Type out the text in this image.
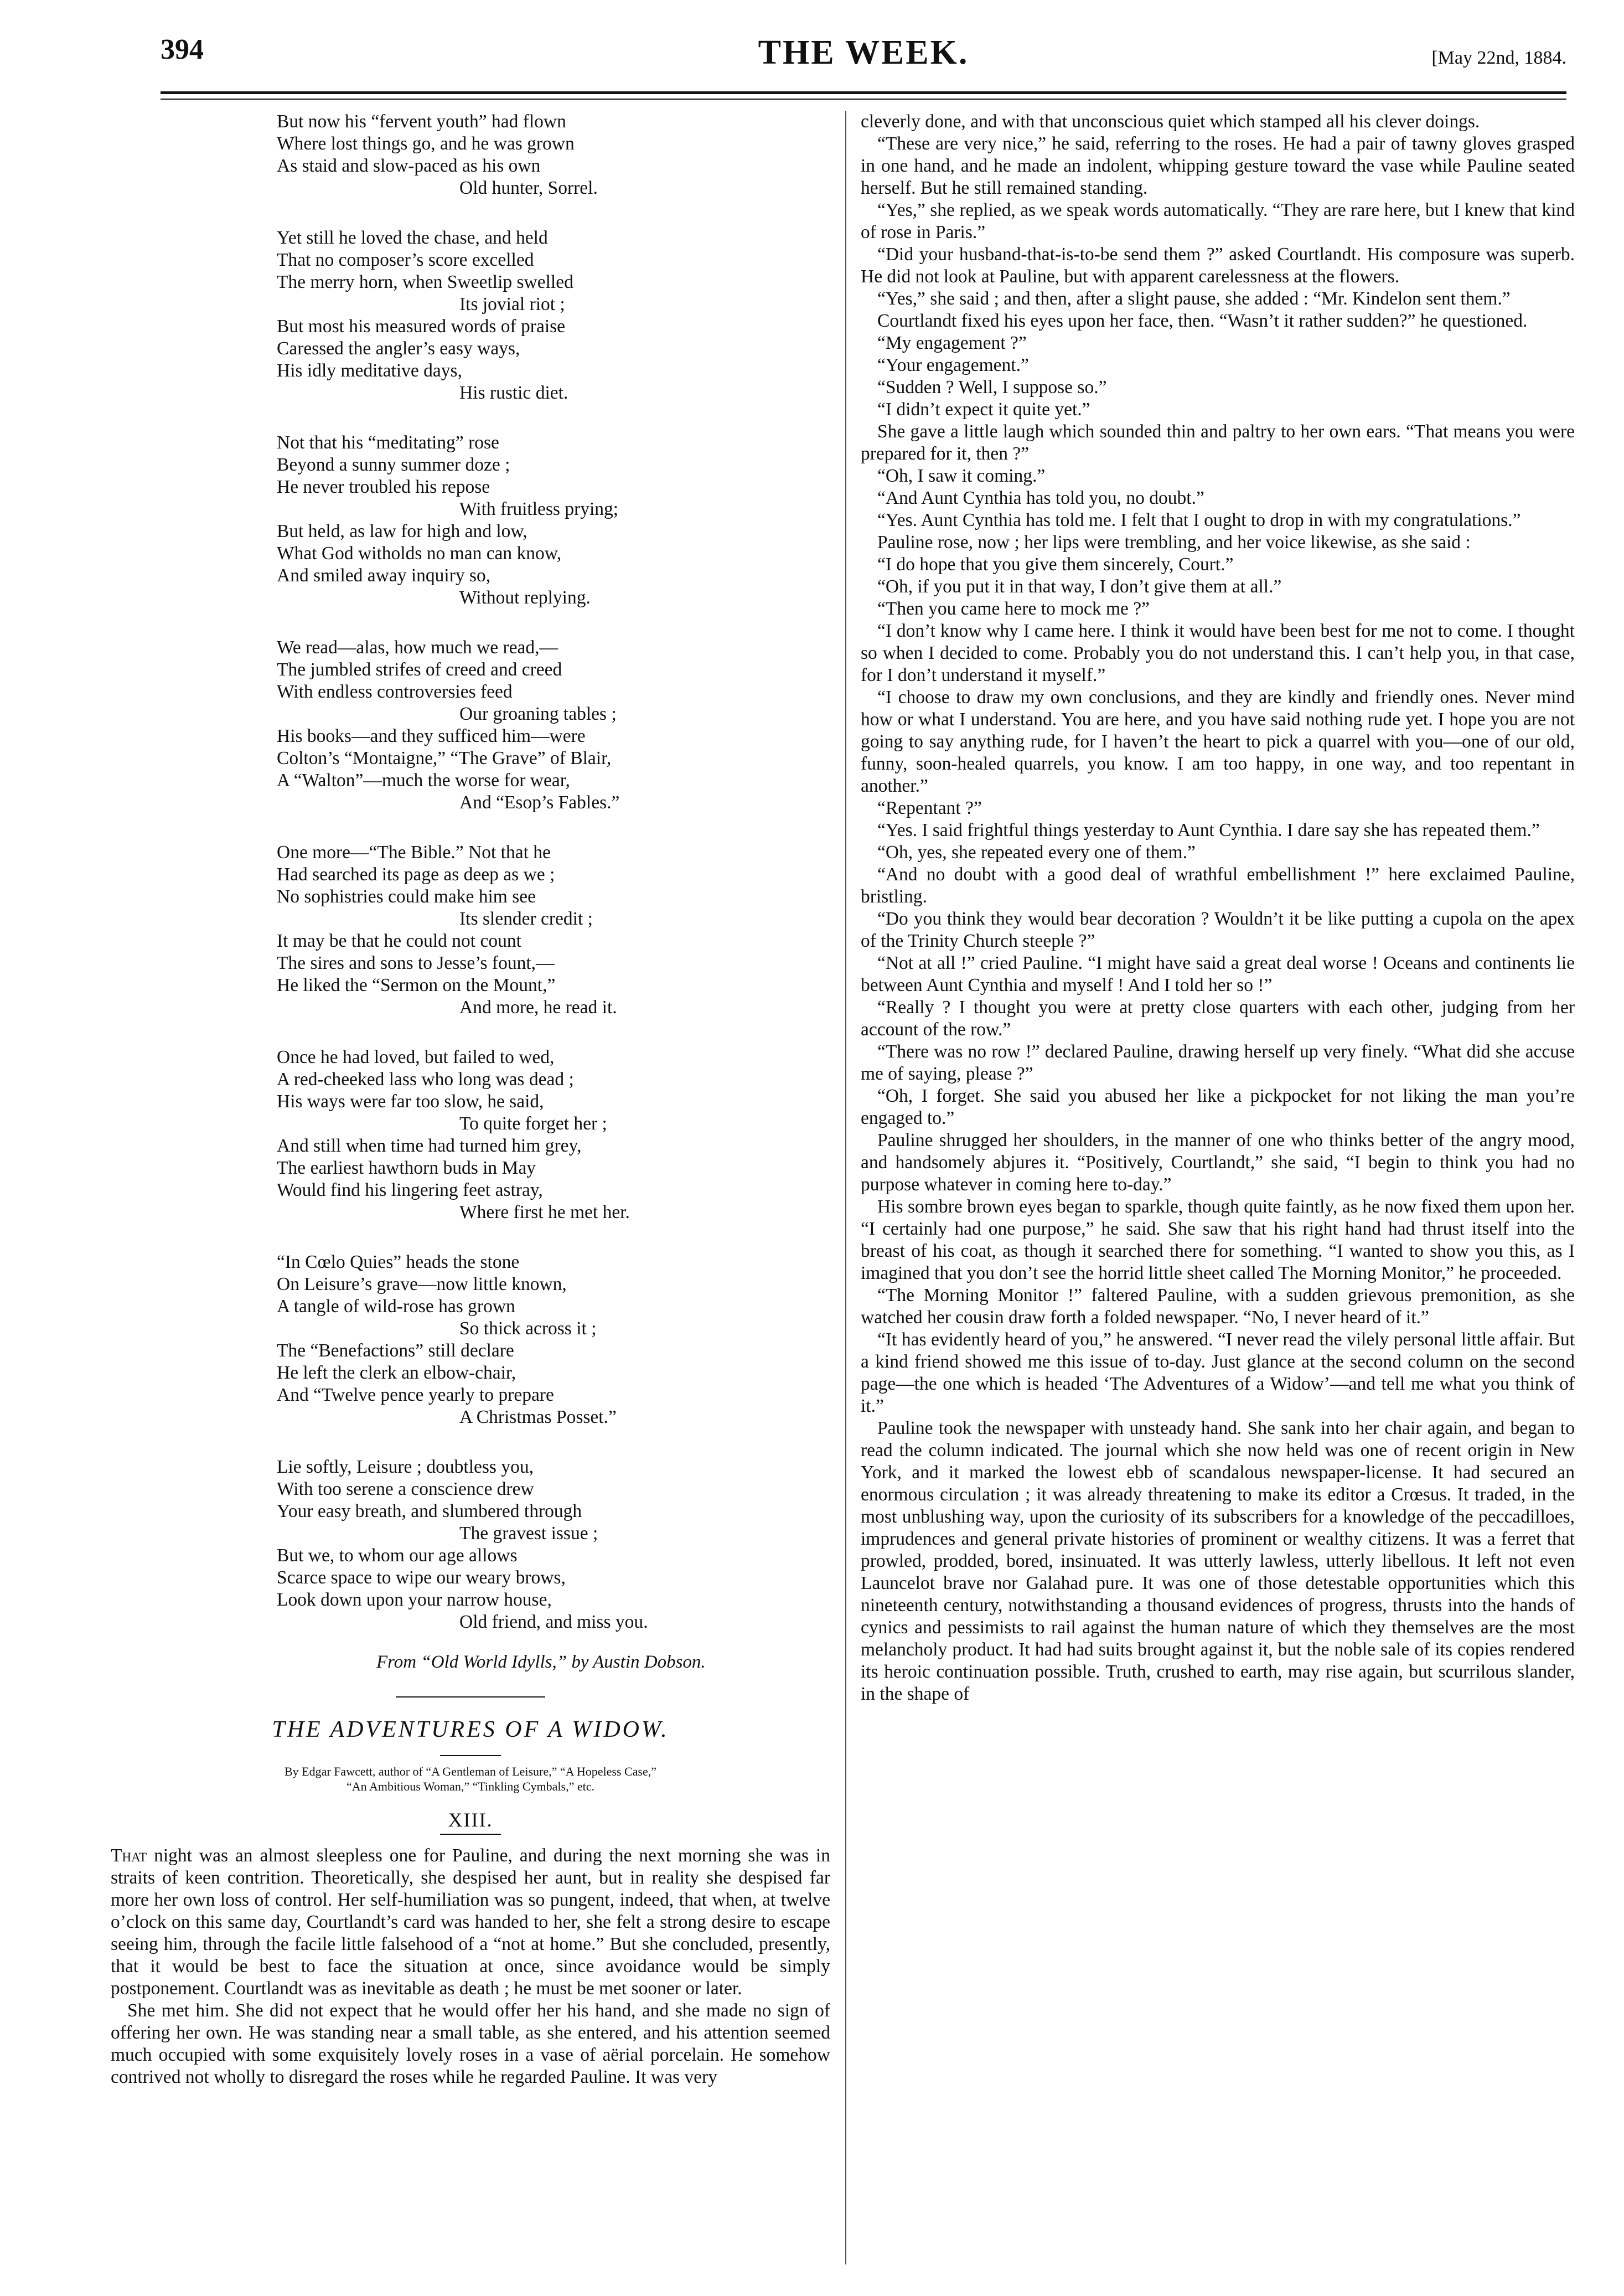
394	THE WEEK.	[May 22nd, 1884.
But now his “fervent youth” had flown
Where lost things go, and he was grown
As staid and slow-paced as his own
Old hunter, Sorrel.
Yet still he loved the chase, and held
That no composer’s score excelled
The merry horn, when Sweetlip swelled
Its jovial riot ;
But most his measured words of praise
Caressed the angler’s easy ways,
His idly meditative days,
His rustic diet.
Not that his “meditating” rose
Beyond a sunny summer doze ;
He never troubled his repose
With fruitless prying;
But held, as law for high and low,
What God witholds no man can know,
And smiled away inquiry so,
Without replying.
We read—alas, how much we read,—
The jumbled strifes of creed and creed
With endless controversies feed
Our groaning tables ;
His books—and they sufficed him—were
Colton’s “Montaigne,” “The Grave” of Blair,
A “Walton”—much the worse for wear,
And “Esop’s Fables.”
One more—“The Bible.” Not that he
Had searched its page as deep as we ;
No sophistries could make him see
Its slender credit ;
It may be that he could not count
The sires and sons to Jesse’s fount,—
He liked the “Sermon on the Mount,”
And more, he read it.
Once he had loved, but failed to wed,
A red-cheeked lass who long was dead ;
His ways were far too slow, he said,
To quite forget her ;
And still when time had turned him grey,
The earliest hawthorn buds in May
Would find his lingering feet astray,
Where first he met her.
“In Cœlo Quies” heads the stone
On Leisure’s grave—now little known,
A tangle of wild-rose has grown
So thick across it ;
The “Benefactions” still declare
He left the clerk an elbow-chair,
And “Twelve pence yearly to prepare
A Christmas Posset.”
Lie softly, Leisure ; doubtless you,
With too serene a conscience drew
Your easy breath, and slumbered through
The gravest issue ;
But we, to whom our age allows
Scarce space to wipe our weary brows,
Look down upon your narrow house,
Old friend, and miss you.
From “Old World Idylls,” by Austin Dobson.
THE ADVENTURES OF A WIDOW.
By Edgar Fawcett, author of “A Gentleman of Leisure,” “A Hopeless Case,”
“An Ambitious Woman,” “Tinkling Cymbals,” etc.
XIII.

That night was an almost sleepless one for Pauline, and during the next morning she was in straits of keen contrition. Theoretically, she despised her aunt, but in reality she despised far more her own loss of control. Her self-humiliation was so pungent, indeed, that when, at twelve o’clock on this same day, Courtlandt’s card was handed to her, she felt a strong desire to escape seeing him, through the facile little falsehood of a “not at home.” But she concluded, presently, that it would be best to face the situation at once, since avoidance would be simply postponement. Courtlandt was as inevitable as death ; he must be met sooner or later.

She met him. She did not expect that he would offer her his hand, and she made no sign of offering her own. He was standing near a small table, as she entered, and his attention seemed much occupied with some exquisitely lovely roses in a vase of aërial porcelain. He somehow contrived not wholly to disregard the roses while he regarded Pauline. It was very

cleverly done, and with that unconscious quiet which stamped all his clever doings.

“These are very nice,” he said, referring to the roses. He had a pair of tawny gloves grasped in one hand, and he made an indolent, whipping gesture toward the vase while Pauline seated herself. But he still remained standing.

“Yes,” she replied, as we speak words automatically. “They are rare here, but I knew that kind of rose in Paris.”

“Did your husband-that-is-to-be send them ?” asked Courtlandt. His composure was superb. He did not look at Pauline, but with apparent carelessness at the flowers.

“Yes,” she said ; and then, after a slight pause, she added : “Mr. Kindelon sent them.”

Courtlandt fixed his eyes upon her face, then. “Wasn’t it rather sudden?” he questioned.

“My engagement ?”

“Your engagement.”

“Sudden ? Well, I suppose so.”

“I didn’t expect it quite yet.”

She gave a little laugh which sounded thin and paltry to her own ears. “That means you were prepared for it, then ?”

“Oh, I saw it coming.”

“And Aunt Cynthia has told you, no doubt.”

“Yes. Aunt Cynthia has told me. I felt that I ought to drop in with my congratulations.”

Pauline rose, now ; her lips were trembling, and her voice likewise, as she said :

“I do hope that you give them sincerely, Court.”

“Oh, if you put it in that way, I don’t give them at all.”

“Then you came here to mock me ?”

“I don’t know why I came here. I think it would have been best for me not to come. I thought so when I decided to come. Probably you do not understand this. I can’t help you, in that case, for I don’t understand it myself.”

“I choose to draw my own conclusions, and they are kindly and friendly ones. Never mind how or what I understand. You are here, and you have said nothing rude yet. I hope you are not going to say anything rude, for I haven’t the heart to pick a quarrel with you—one of our old, funny, soon-healed quarrels, you know. I am too happy, in one way, and too repentant in another.”

“Repentant ?”

“Yes. I said frightful things yesterday to Aunt Cynthia. I dare say she has repeated them.”

“Oh, yes, she repeated every one of them.”

“And no doubt with a good deal of wrathful embellishment !” here exclaimed Pauline, bristling.

“Do you think they would bear decoration ? Wouldn’t it be like putting a cupola on the apex of the Trinity Church steeple ?”

“Not at all !” cried Pauline. “I might have said a great deal worse ! Oceans and continents lie between Aunt Cynthia and myself ! And I told her so !”

“Really ? I thought you were at pretty close quarters with each other, judging from her account of the row.”

“There was no row !” declared Pauline, drawing herself up very finely. “What did she accuse me of saying, please ?”

“Oh, I forget. She said you abused her like a pickpocket for not liking the man you’re engaged to.”

Pauline shrugged her shoulders, in the manner of one who thinks better of the angry mood, and handsomely abjures it. “Positively, Courtlandt,” she said, “I begin to think you had no purpose whatever in coming here to-day.”

His sombre brown eyes began to sparkle, though quite faintly, as he now fixed them upon her. “I certainly had one purpose,” he said. She saw that his right hand had thrust itself into the breast of his coat, as though it searched there for something. “I wanted to show you this, as I imagined that you don’t see the horrid little sheet called The Morning Monitor,” he proceeded.

“The Morning Monitor !” faltered Pauline, with a sudden grievous premonition, as she watched her cousin draw forth a folded newspaper. “No, I never heard of it.”

“It has evidently heard of you,” he answered. “I never read the vilely personal little affair. But a kind friend showed me this issue of to-day. Just glance at the second column on the second page—the one which is headed ‘The Adventures of a Widow’—and tell me what you think of it.”

Pauline took the newspaper with unsteady hand. She sank into her chair again, and began to read the column indicated. The journal which she now held was one of recent origin in New York, and it marked the lowest ebb of scandalous newspaper-license. It had secured an enormous circulation ; it was already threatening to make its editor a Crœsus. It traded, in the most unblushing way, upon the curiosity of its subscribers for a knowledge of the peccadilloes, imprudences and general private histories of prominent or wealthy citizens. It was a ferret that prowled, prodded, bored, insinuated. It was utterly lawless, utterly libellous. It left not even Launcelot brave nor Galahad pure. It was one of those detestable opportunities which this nineteenth century, notwithstanding a thousand evidences of progress, thrusts into the hands of cynics and pessimists to rail against the human nature of which they themselves are the most melancholy product. It had had suits brought against it, but the noble sale of its copies rendered its heroic continuation possible. Truth, crushed to earth, may rise again, but scurrilous slander, in the shape of
